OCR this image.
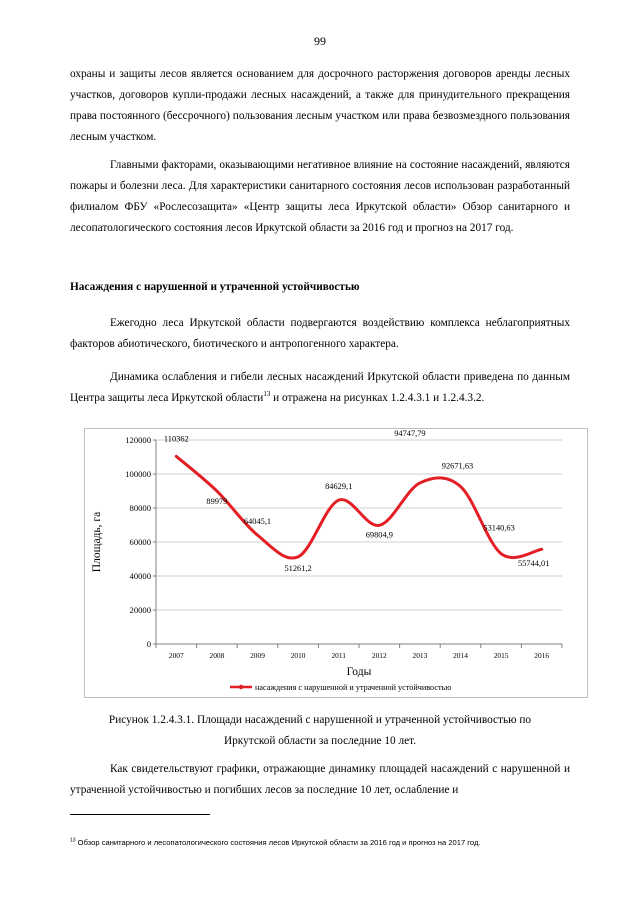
99

охраны и защиты лесов является основанием для досрочного расторжения договоров аренды лесных участков, договоров купли-продажи лесных насаждений, а также для принудительного прекращения права постоянного (бессрочного) пользования лесным участком или права безвозмездного пользования лесным участком.

Главными факторами, оказывающими негативное влияние на состояние насаждений, являются пожары и болезни леса. Для характеристики санитарного состояния лесов использован разработанный филиалом ФБУ «Рослесозащита» «Центр защиты леса Иркутской области» Обзор санитарного и лесопатологического состояния лесов Иркутской области за 2016 год и прогноз на 2017 год.

Насаждения с нарушенной и утраченной устойчивостью

Ежегодно леса Иркутской области подвергаются воздействию комплекса неблагоприятных факторов абиотического, биотического и антропогенного характера.

Динамика ослабления и гибели лесных насаждений Иркутской области приведена по данным Центра защиты леса Иркутской области$^{13}$ и отражена на рисунках 1.2.4.3.1 и 1.2.4.3.2.

0
20000
40000
60000
80000
100000
120000
2007	2008	2009	2010	2011	2012	2013	2014	2015	2016
110362
89979
64045,1
51261,2
84629,1
69804,9
94747,79
92671,63
53140,63
55744,01
Площадь, га
Годы
насаждения с нарушенной и утраченной устойчивостью
Рисунок 1.2.4.3.1. Площади насаждений с нарушенной и утраченной устойчивостью по
Иркутской области за последние 10 лет.

Как свидетельствуют графики, отражающие динамику площадей насаждений с нарушенной и утраченной устойчивостью и погибших лесов за последние 10 лет, ослабление и

$^{13}$ Обзор санитарного и лесопатологического состояния лесов Иркутской области за 2016 год и прогноз на 2017 год.
